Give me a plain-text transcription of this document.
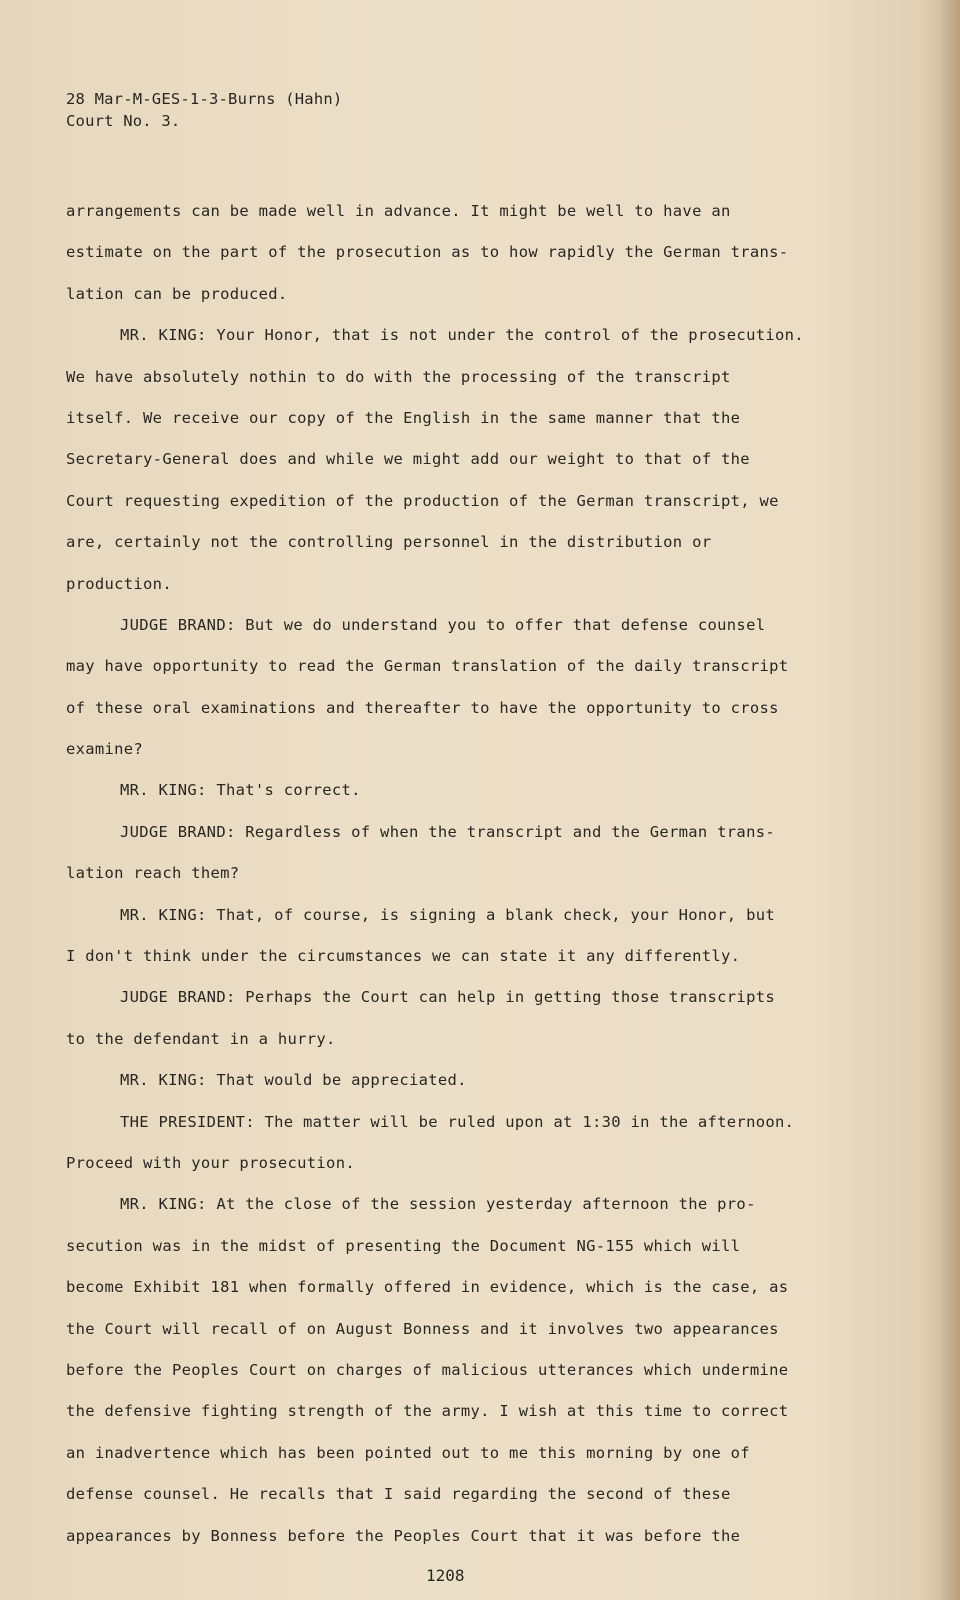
28 Mar-M-GES-1-3-Burns (Hahn)
Court No. 3.
arrangements can be made well in advance. It might be well to have an
estimate on the part of the prosecution as to how rapidly the German trans-
lation can be produced.
MR. KING: Your Honor, that is not under the control of the prosecution.
We have absolutely nothin to do with the processing of the transcript
itself. We receive our copy of the English in the same manner that the
Secretary-General does and while we might add our weight to that of the
Court requesting expedition of the production of the German transcript, we
are, certainly not the controlling personnel in the distribution or
production.
JUDGE BRAND: But we do understand you to offer that defense counsel
may have opportunity to read the German translation of the daily transcript
of these oral examinations and thereafter to have the opportunity to cross
examine?
MR. KING: That's correct.
JUDGE BRAND: Regardless of when the transcript and the German trans-
lation reach them?
MR. KING: That, of course, is signing a blank check, your Honor, but
I don't think under the circumstances we can state it any differently.
JUDGE BRAND: Perhaps the Court can help in getting those transcripts
to the defendant in a hurry.
MR. KING: That would be appreciated.
THE PRESIDENT: The matter will be ruled upon at 1:30 in the afternoon.
Proceed with your prosecution.
MR. KING: At the close of the session yesterday afternoon the pro-
secution was in the midst of presenting the Document NG-155 which will
become Exhibit 181 when formally offered in evidence, which is the case, as
the Court will recall of on August Bonness and it involves two appearances
before the Peoples Court on charges of malicious utterances which undermine
the defensive fighting strength of the army. I wish at this time to correct
an inadvertence which has been pointed out to me this morning by one of
defense counsel. He recalls that I said regarding the second of these
appearances by Bonness before the Peoples Court that it was before the
1208
